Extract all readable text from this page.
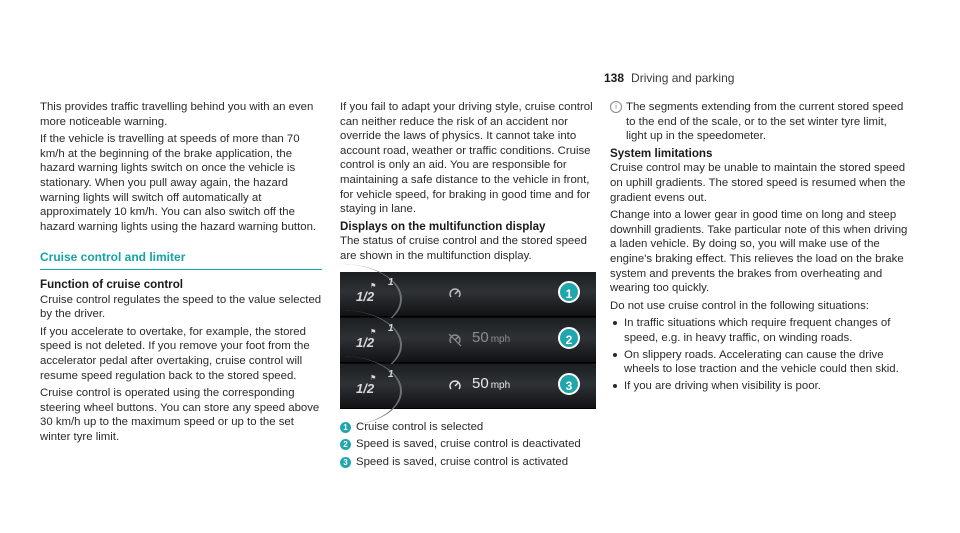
138 Driving and parking

This provides traffic travelling behind you with an even more noticeable warning.

If the vehicle is travelling at speeds of more than 70 km/h at the beginning of the brake application, the hazard warning lights switch on once the vehicle is stationary. When you pull away again, the hazard warning lights will switch off automatically at approximately 10 km/h. You can also switch off the hazard warning lights using the hazard warning button.

Cruise control and limiter
Function of cruise control

Cruise control regulates the speed to the value selected by the driver.

If you accelerate to overtake, for example, the stored speed is not deleted. If you remove your foot from the accelerator pedal after overtaking, cruise control will resume speed regulation back to the stored speed.

Cruise control is operated using the corresponding steering wheel buttons. You can store any speed above 30 km/h up to the maximum speed or up to the set winter tyre limit.

If you fail to adapt your driving style, cruise control can neither reduce the risk of an accident nor override the laws of physics. It cannot take into account road, weather or traffic conditions. Cruise control is only an aid. You are responsible for maintaining a safe distance to the vehicle in front, for vehicle speed, for braking in good time and for staying in lane.

Displays on the multifunction display

The status of cruise control and the stored speed are shown in the multifunction display.

⚑
1/2
1
1
⚑
1/2
1
50 mph	2
⚑
1/2
1
50 mph	3
1 Cruise control is selected
2 Speed is saved, cruise control is deactivated
3 Speed is saved, cruise control is activated
i The segments extending from the current stored speed to the end of the scale, or to the set winter tyre limit, light up in the speedometer.

System limitations

Cruise control may be unable to maintain the stored speed on uphill gradients. The stored speed is resumed when the gradient evens out.

Change into a lower gear in good time on long and steep downhill gradients. Take particular note of this when driving a laden vehicle. By doing so, you will make use of the engine's braking effect. This relieves the load on the brake system and prevents the brakes from overheating and wearing too quickly.

Do not use cruise control in the following situations:

In traffic situations which require frequent changes of speed, e.g. in heavy traffic, on winding roads.
On slippery roads. Accelerating can cause the drive wheels to lose traction and the vehicle could then skid.
If you are driving when visibility is poor.
